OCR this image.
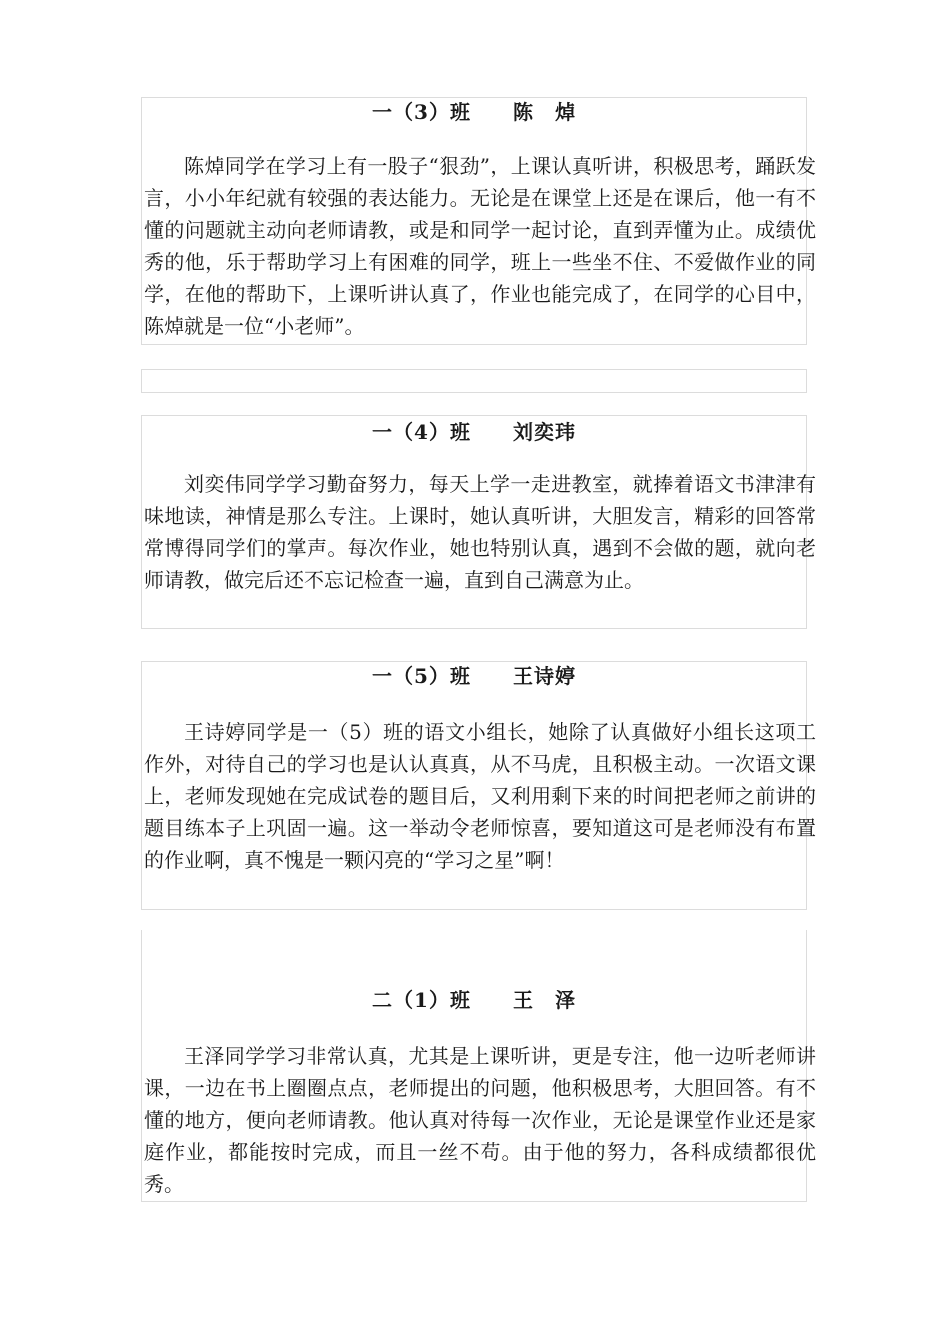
一（3）班　　陈　焯

陈焯同学在学习上有一股子“狠劲”，上课认真听讲，积极思考，踊跃发言，小小年纪就有较强的表达能力。无论是在课堂上还是在课后，他一有不懂的问题就主动向老师请教，或是和同学一起讨论，直到弄懂为止。成绩优秀的他，乐于帮助学习上有困难的同学，班上一些坐不住、不爱做作业的同学，在他的帮助下，上课听讲认真了，作业也能完成了，在同学的心目中，陈焯就是一位“小老师”。

一（4）班　　刘奕玮

刘奕伟同学学习勤奋努力，每天上学一走进教室，就捧着语文书津津有味地读，神情是那么专注。上课时，她认真听讲，大胆发言，精彩的回答常常博得同学们的掌声。每次作业，她也特别认真，遇到不会做的题，就向老师请教，做完后还不忘记检查一遍，直到自己满意为止。

一（5）班　　王诗婷

王诗婷同学是一（5）班的语文小组长，她除了认真做好小组长这项工作外，对待自己的学习也是认认真真，从不马虎，且积极主动。一次语文课上，老师发现她在完成试卷的题目后，又利用剩下来的时间把老师之前讲的题目练本子上巩固一遍。这一举动令老师惊喜，要知道这可是老师没有布置的作业啊，真不愧是一颗闪亮的“学习之星”啊！

二（1）班　　王　泽

王泽同学学习非常认真，尤其是上课听讲，更是专注，他一边听老师讲课，一边在书上圈圈点点，老师提出的问题，他积极思考，大胆回答。有不懂的地方，便向老师请教。他认真对待每一次作业，无论是课堂作业还是家庭作业，都能按时完成，而且一丝不苟。由于他的努力，各科成绩都很优秀。
